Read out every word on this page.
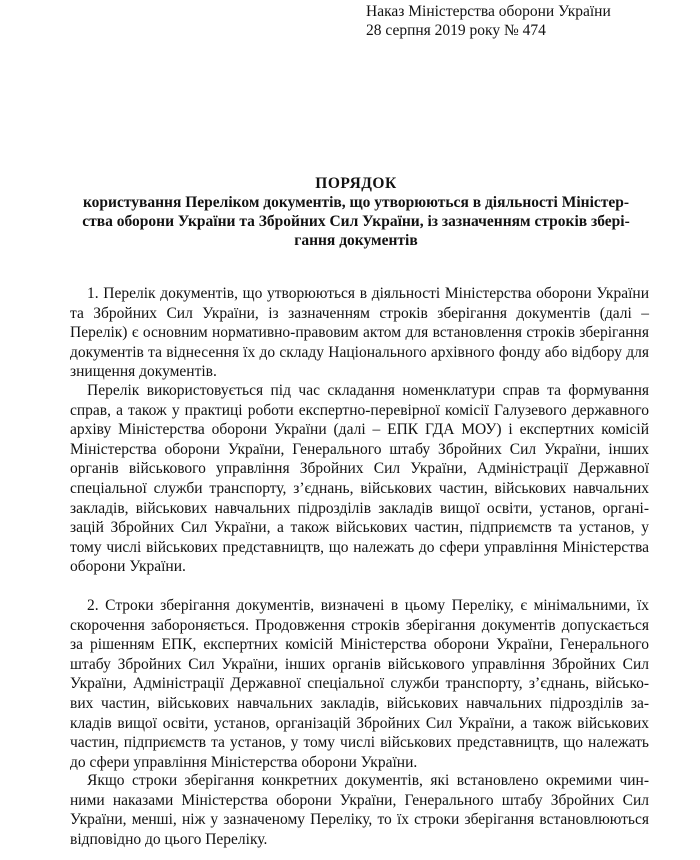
Наказ Міністерства оборони України
28 серпня 2019 року № 474
ПОРЯДОК
користування Переліком документів, що утворюються в діяльності Міністер-
ства оборони України та Збройних Сил України, із зазначенням строків збері-
гання документів

1. Перелік документів, що утворюються в діяльності Міністерства оборони України та Збройних Сил України, із зазначенням строків зберігання документів (далі – Перелік) є основним нормативно-правовим актом для встановлення строків зберігання документів та віднесення їх до складу Національного архівного фонду або відбору для знищення документів.

Перелік використовується під час складання номенклатури справ та формування справ, а також у практиці роботи експертно-перевірної комісії Галузевого державного архіву Міністерства оборони України (далі – ЕПК ГДА МОУ) і експертних комісій Міністерства оборони України, Генерального штабу Збройних Сил України, інших органів військового управління Збройних Сил України, Адміністрації Державної спеціальної служби транспорту, з’єднань, військових частин, військових навчальних закладів, військових навчальних підрозділів закладів вищої освіти, установ, організацій Збройних Сил України, а також військових частин, підприємств та установ, у тому числі військових представництв, що належать до сфери управління Міністерства оборони України.

2. Строки зберігання документів, визначені в цьому Переліку, є мінімальними, їх скорочення забороняється. Продовження строків зберігання документів допускається за рішенням ЕПК, експертних комісій Міністерства оборони України, Генерального штабу Збройних Сил України, інших органів військового управління Збройних Сил України, Адміністрації Державної спеціальної служби транспорту, з’єднань, військових частин, військових навчальних закладів, військових навчальних підрозділів закладів вищої освіти, установ, організацій Збройних Сил України, а також військових частин, підприємств та установ, у тому числі військових представництв, що належать до сфери управління Міністерства оборони України.

Якщо строки зберігання конкретних документів, які встановлено окремими чинними наказами Міністерства оборони України, Генерального штабу Збройних Сил України, менші, ніж у зазначеному Переліку, то їх строки зберігання встановлюються відповідно до цього Переліку.
